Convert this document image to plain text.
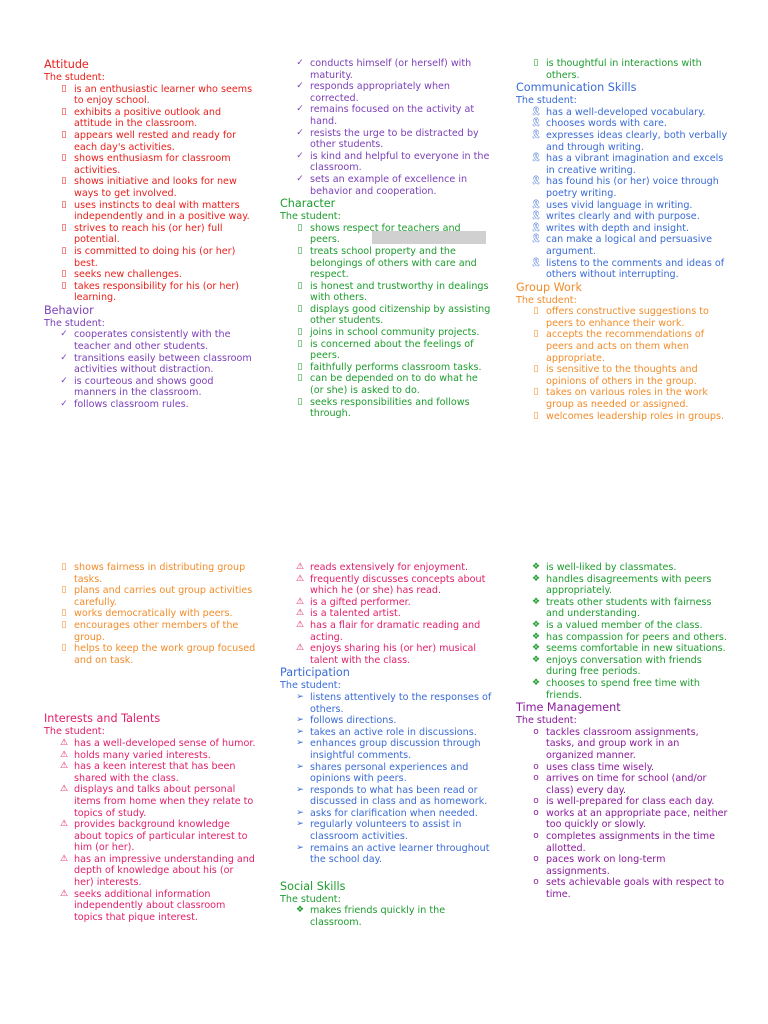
Attitude

The student:

▯ is an enthusiastic learner who seems to enjoy school.
▯ exhibits a positive outlook and attitude in the classroom.
▯ appears well rested and ready for each day's activities.
▯ shows enthusiasm for classroom activities.
▯ shows initiative and looks for new ways to get involved.
▯ uses instincts to deal with matters independently and in a positive way.
▯ strives to reach his (or her) full potential.
▯ is committed to doing his (or her) best.
▯ seeks new challenges.
▯ takes responsibility for his (or her) learning.

Behavior

The student:

✓ cooperates consistently with the teacher and other students.
✓ transitions easily between classroom activities without distraction.
✓ is courteous and shows good manners in the classroom.
✓ follows classroom rules.
✓ conducts himself (or herself) with maturity.
✓ responds appropriately when corrected.
✓ remains focused on the activity at hand.
✓ resists the urge to be distracted by other students.
✓ is kind and helpful to everyone in the classroom.
✓ sets an example of excellence in behavior and cooperation.

Character

The student:

▯ shows respect for teachers and peers.
▯ treats school property and the belongings of others with care and respect.
▯ is honest and trustworthy in dealings with others.
▯ displays good citizenship by assisting other students.
▯ joins in school community projects.
▯ is concerned about the feelings of peers.
▯ faithfully performs classroom tasks.
▯ can be depended on to do what he (or she) is asked to do.
▯ seeks responsibilities and follows through.
▯ is thoughtful in interactions with others.

Communication Skills

The student:

🎗 has a well-developed vocabulary.
🎗 chooses words with care.
🎗 expresses ideas clearly, both verbally and through writing.
🎗 has a vibrant imagination and excels in creative writing.
🎗 has found his (or her) voice through poetry writing.
🎗 uses vivid language in writing.
🎗 writes clearly and with purpose.
🎗 writes with depth and insight.
🎗 can make a logical and persuasive argument.
🎗 listens to the comments and ideas of others without interrupting.

Group Work

The student:

▯ offers constructive suggestions to peers to enhance their work.
▯ accepts the recommendations of peers and acts on them when appropriate.
▯ is sensitive to the thoughts and opinions of others in the group.
▯ takes on various roles in the work group as needed or assigned.
▯ welcomes leadership roles in groups.
▯ shows fairness in distributing group tasks.
▯ plans and carries out group activities carefully.
▯ works democratically with peers.
▯ encourages other members of the group.
▯ helps to keep the work group focused and on task.

Interests and Talents

The student:

⚠ has a well-developed sense of humor.
⚠ holds many varied interests.
⚠ has a keen interest that has been shared with the class.
⚠ displays and talks about personal items from home when they relate to topics of study.
⚠ provides background knowledge about topics of particular interest to him (or her).
⚠ has an impressive understanding and depth of knowledge about his (or her) interests.
⚠ seeks additional information independently about classroom topics that pique interest.
⚠ reads extensively for enjoyment.
⚠ frequently discusses concepts about which he (or she) has read.
⚠ is a gifted performer.
⚠ is a talented artist.
⚠ has a flair for dramatic reading and acting.
⚠ enjoys sharing his (or her) musical talent with the class.

Participation

The student:

➢ listens attentively to the responses of others.
➢ follows directions.
➢ takes an active role in discussions.
➢ enhances group discussion through insightful comments.
➢ shares personal experiences and opinions with peers.
➢ responds to what has been read or discussed in class and as homework.
➢ asks for clarification when needed.
➢ regularly volunteers to assist in classroom activities.
➢ remains an active learner throughout the school day.

Social Skills

The student:

❖ makes friends quickly in the classroom.
❖ is well-liked by classmates.
❖ handles disagreements with peers appropriately.
❖ treats other students with fairness and understanding.
❖ is a valued member of the class.
❖ has compassion for peers and others.
❖ seems comfortable in new situations.
❖ enjoys conversation with friends during free periods.
❖ chooses to spend free time with friends.

Time Management

The student:

o tackles classroom assignments, tasks, and group work in an organized manner.
o uses class time wisely.
o arrives on time for school (and/or class) every day.
o is well-prepared for class each day.
o works at an appropriate pace, neither too quickly or slowly.
o completes assignments in the time allotted.
o paces work on long-term assignments.
o sets achievable goals with respect to time.
